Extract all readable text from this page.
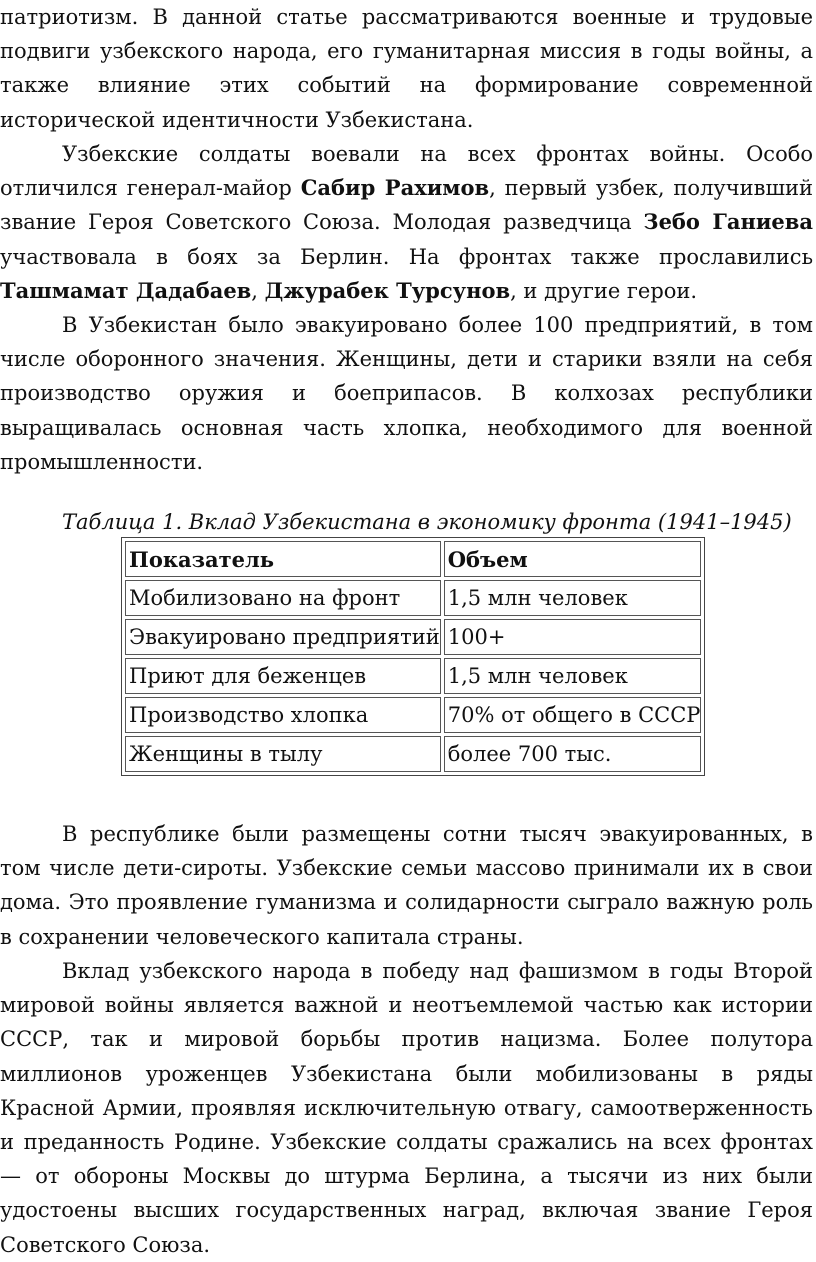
патриотизм. В данной статье рассматриваются военные и трудовые подвиги узбекского народа, его гуманитарная миссия в годы войны, а также влияние этих событий на формирование современной исторической идентичности Узбекистана.

Узбекские солдаты воевали на всех фронтах войны. Особо отличился генерал-майор Сабир Рахимов, первый узбек, получивший звание Героя Советского Союза. Молодая разведчица Зебо Ганиева участвовала в боях за Берлин. На фронтах также прославились Ташмамат Дадабаев, Джурабек Турсунов, и другие герои.

В Узбекистан было эвакуировано более 100 предприятий, в том числе оборонного значения. Женщины, дети и старики взяли на себя производство оружия и боеприпасов. В колхозах республики выращивалась основная часть хлопка, необходимого для военной промышленности.

Таблица 1. Вклад Узбекистана в экономику фронта (1941–1945)

Показатель	Объем
Мобилизовано на фронт	1,5 млн человек
Эвакуировано предприятий	100+
Приют для беженцев	1,5 млн человек
Производство хлопка	70% от общего в СССР
Женщины в тылу	более 700 тыс.

В республике были размещены сотни тысяч эвакуированных, в том числе дети-сироты. Узбекские семьи массово принимали их в свои дома. Это проявление гуманизма и солидарности сыграло важную роль в сохранении человеческого капитала страны.

Вклад узбекского народа в победу над фашизмом в годы Второй мировой войны является важной и неотъемлемой частью как истории СССР, так и мировой борьбы против нацизма. Более полутора миллионов уроженцев Узбекистана были мобилизованы в ряды Красной Армии, проявляя исключительную отвагу, самоотверженность и преданность Родине. Узбекские солдаты сражались на всех фронтах — от обороны Москвы до штурма Берлина, а тысячи из них были удостоены высших государственных наград, включая звание Героя Советского Союза.
